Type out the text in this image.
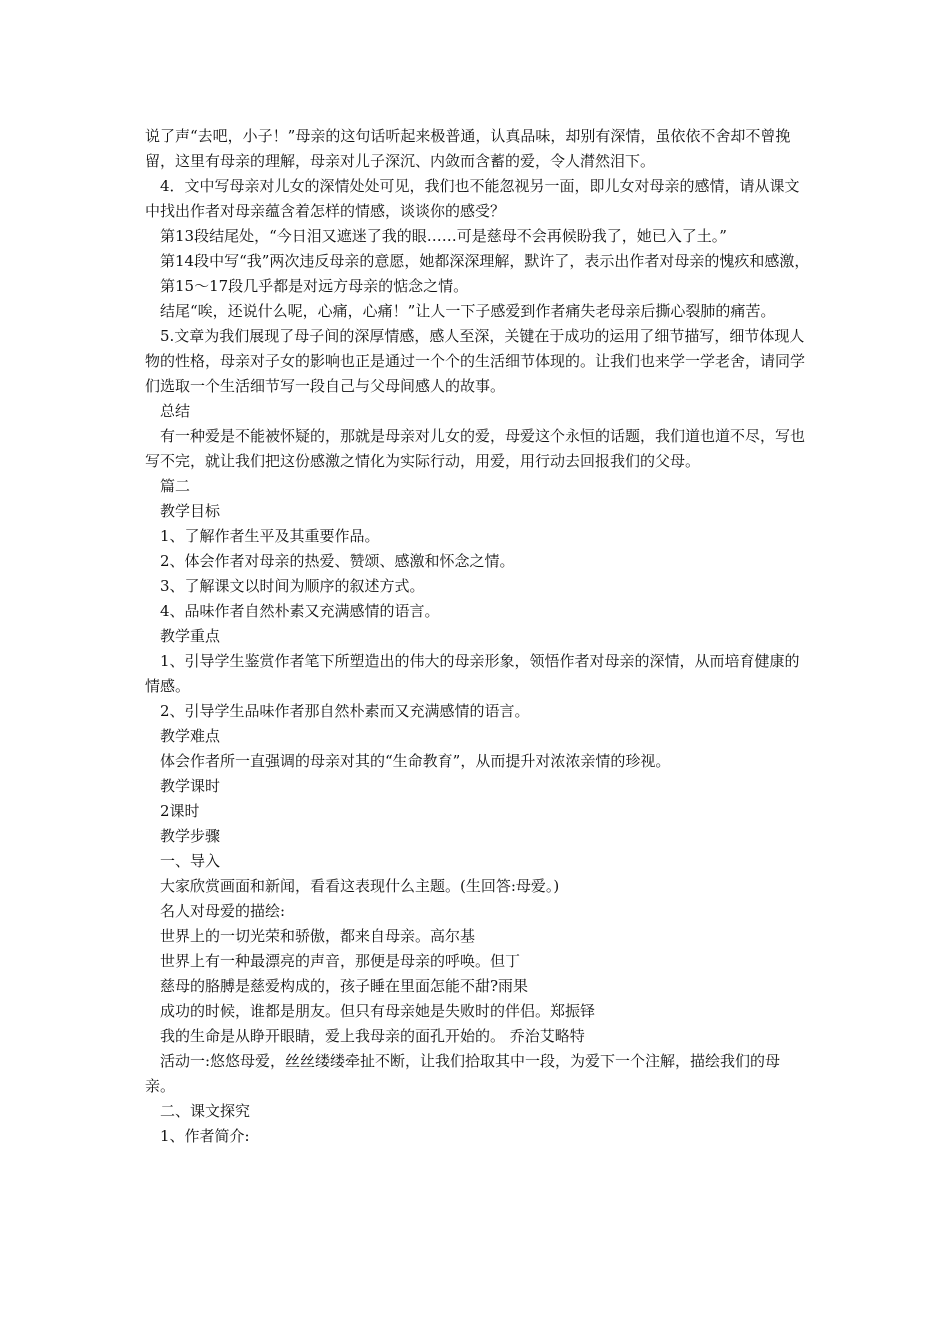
说了声“去吧，小子！”母亲的这句话听起来极普通，认真品味，却别有深情，虽依依不舍却不曾挽留，这里有母亲的理解，母亲对儿子深沉、内敛而含蓄的爱，令人潸然泪下。

4．文中写母亲对儿女的深情处处可见，我们也不能忽视另一面，即儿女对母亲的感情，请从课文中找出作者对母亲蕴含着怎样的情感，谈谈你的感受？

第13段结尾处，“今日泪又遮迷了我的眼……可是慈母不会再候盼我了，她已入了土。”

第14段中写“我”两次违反母亲的意愿，她都深深理解，默许了，表示出作者对母亲的愧疚和感激，

第15～17段几乎都是对远方母亲的惦念之情。

结尾“唉，还说什么呢，心痛，心痛！”让人一下子感爱到作者痛失老母亲后撕心裂肺的痛苦。

5.文章为我们展现了母子间的深厚情感，感人至深，关键在于成功的运用了细节描写，细节体现人物的性格，母亲对子女的影响也正是通过一个个的生活细节体现的。让我们也来学一学老舍，请同学们选取一个生活细节写一段自己与父母间感人的故事。

总结

有一种爱是不能被怀疑的，那就是母亲对儿女的爱，母爱这个永恒的话题，我们道也道不尽，写也写不完，就让我们把这份感激之情化为实际行动，用爱，用行动去回报我们的父母。

篇二

教学目标

1、了解作者生平及其重要作品。

2、体会作者对母亲的热爱、赞颂、感激和怀念之情。

3、了解课文以时间为顺序的叙述方式。

4、品味作者自然朴素又充满感情的语言。

教学重点

1、引导学生鉴赏作者笔下所塑造出的伟大的母亲形象，领悟作者对母亲的深情，从而培育健康的情感。

2、引导学生品味作者那自然朴素而又充满感情的语言。

教学难点

体会作者所一直强调的母亲对其的“生命教育”，从而提升对浓浓亲情的珍视。

教学课时

2课时

教学步骤

一、导入

大家欣赏画面和新闻，看看这表现什么主题。(生回答:母爱。)

名人对母爱的描绘:

世界上的一切光荣和骄傲，都来自母亲。高尔基

世界上有一种最漂亮的声音，那便是母亲的呼唤。但丁

慈母的胳膊是慈爱构成的，孩子睡在里面怎能不甜?雨果

成功的时候，谁都是朋友。但只有母亲她是失败时的伴侣。郑振铎

我的生命是从睁开眼睛，爱上我母亲的面孔开始的。 乔治艾略特

活动一:悠悠母爱，丝丝缕缕牵扯不断，让我们拾取其中一段，为爱下一个注解，描绘我们的母亲。

二、课文探究

1、作者简介:
